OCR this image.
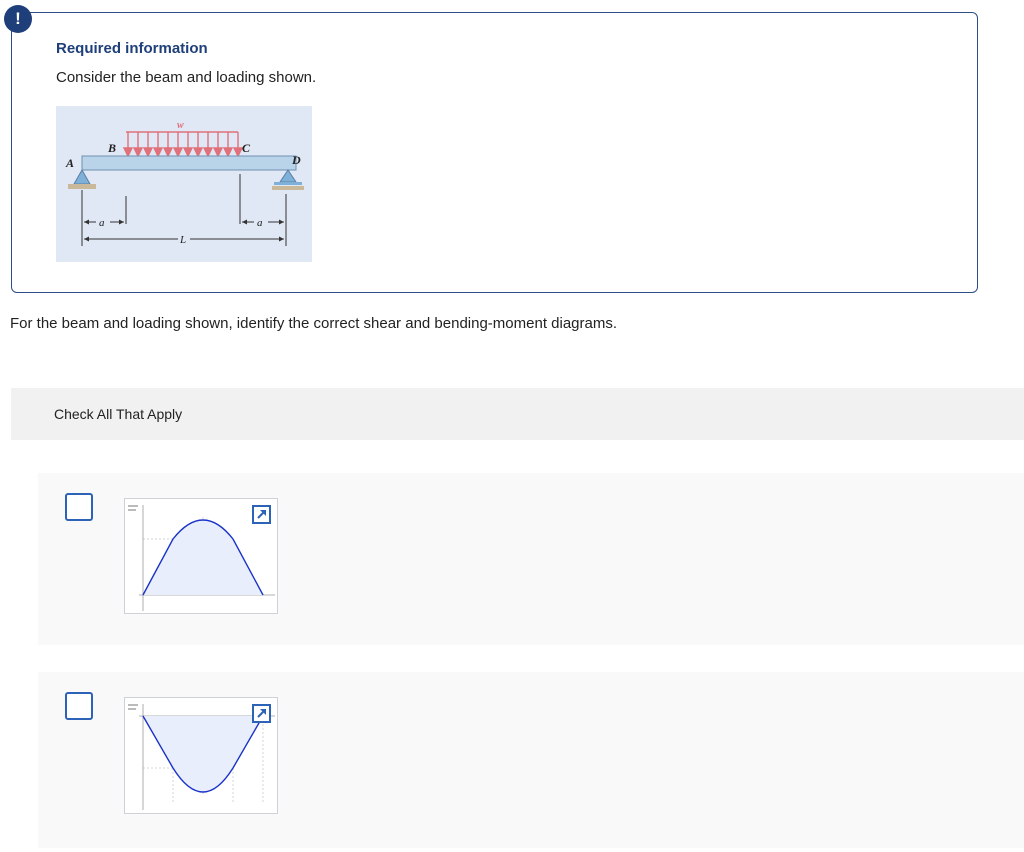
!

Required information

Consider the beam and loading shown.

A
B	C
D
w
a	a
L

For the beam and loading shown, identify the correct shear and bending-moment diagrams.

Check All That Apply
